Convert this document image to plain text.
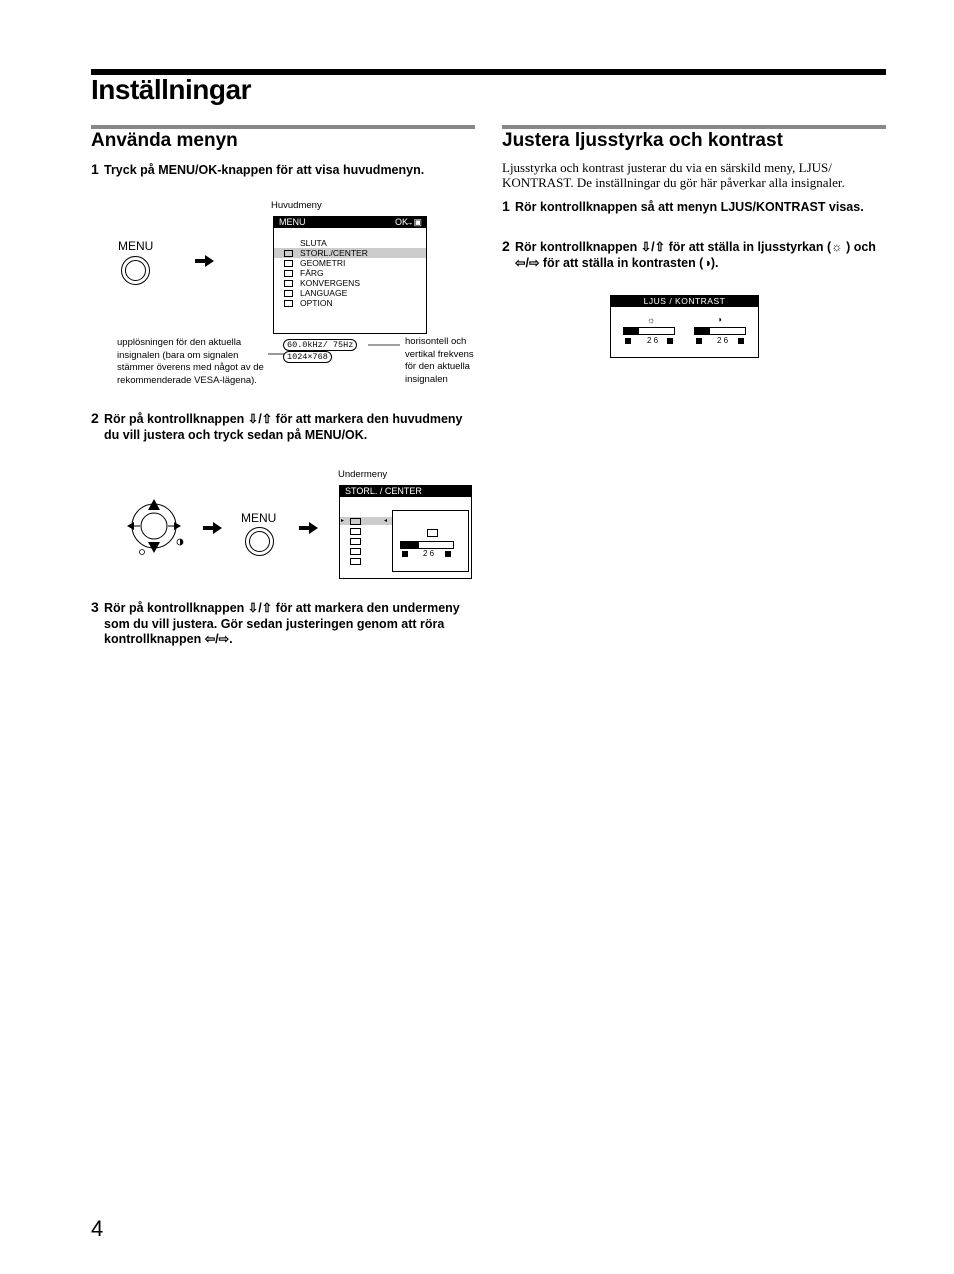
Inställningar
Använda menyn
1 Tryck på MENU/OK-knappen för att visa huvudmenyn.
Huvudmeny
MENU
MENU	OK
→▣
SLUTA
STORL./CENTER
GEOMETRI
FÄRG
KONVERGENS
LANGUAGE
OPTION
60.0kHz/ 75Hz
1024×768
upplösningen för den aktuella insignalen (bara om signalen stämmer överens med något av de rekommenderade VESA-lägena).
horisontell och vertikal frekvens för den aktuella insignalen
2 Rör på kontrollknappen ⇩/⇧ för att markera den huvudmeny du vill justera och tryck sedan på MENU/OK.
MENU
Undermeny
STORL. / CENTER
▸	◂
2 6
3 Rör på kontrollknappen ⇩/⇧ för att markera den undermeny som du vill justera. Gör sedan justeringen genom att röra kontrollknappen ⇦/⇨.
Justera ljusstyrka och kontrast
Ljusstyrka och kontrast justerar du via en särskild meny, LJUS/ KONTRAST. De inställningar du gör här påverkar alla insignaler.
1 Rör kontrollknappen så att menyn LJUS/KONTRAST visas.
2 Rör kontrollknappen ⇩/⇧ för att ställa in ljusstyrkan (☼ ) och ⇦/⇨ för att ställa in kontrasten (◑).
LJUS / KONTRAST
☼	◑
2 6	2 6
4
